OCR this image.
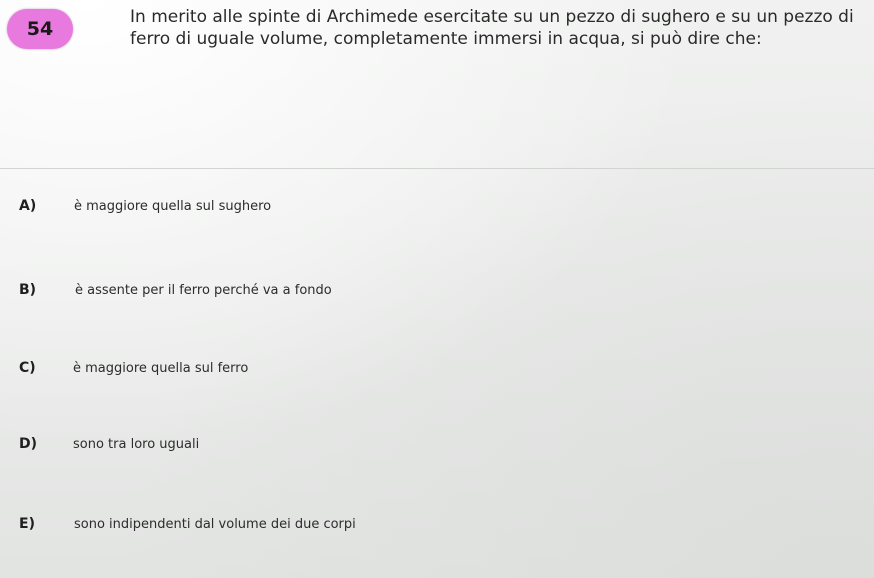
54
In merito alle spinte di Archimede esercitate su un pezzo di sughero e su un pezzo di ferro di uguale volume, completamente immersi in acqua, si può dire che:
A)	è maggiore quella sul sughero
B)	è assente per il ferro perché va a fondo
C)	è maggiore quella sul ferro
D)	sono tra loro uguali
E)	sono indipendenti dal volume dei due corpi
